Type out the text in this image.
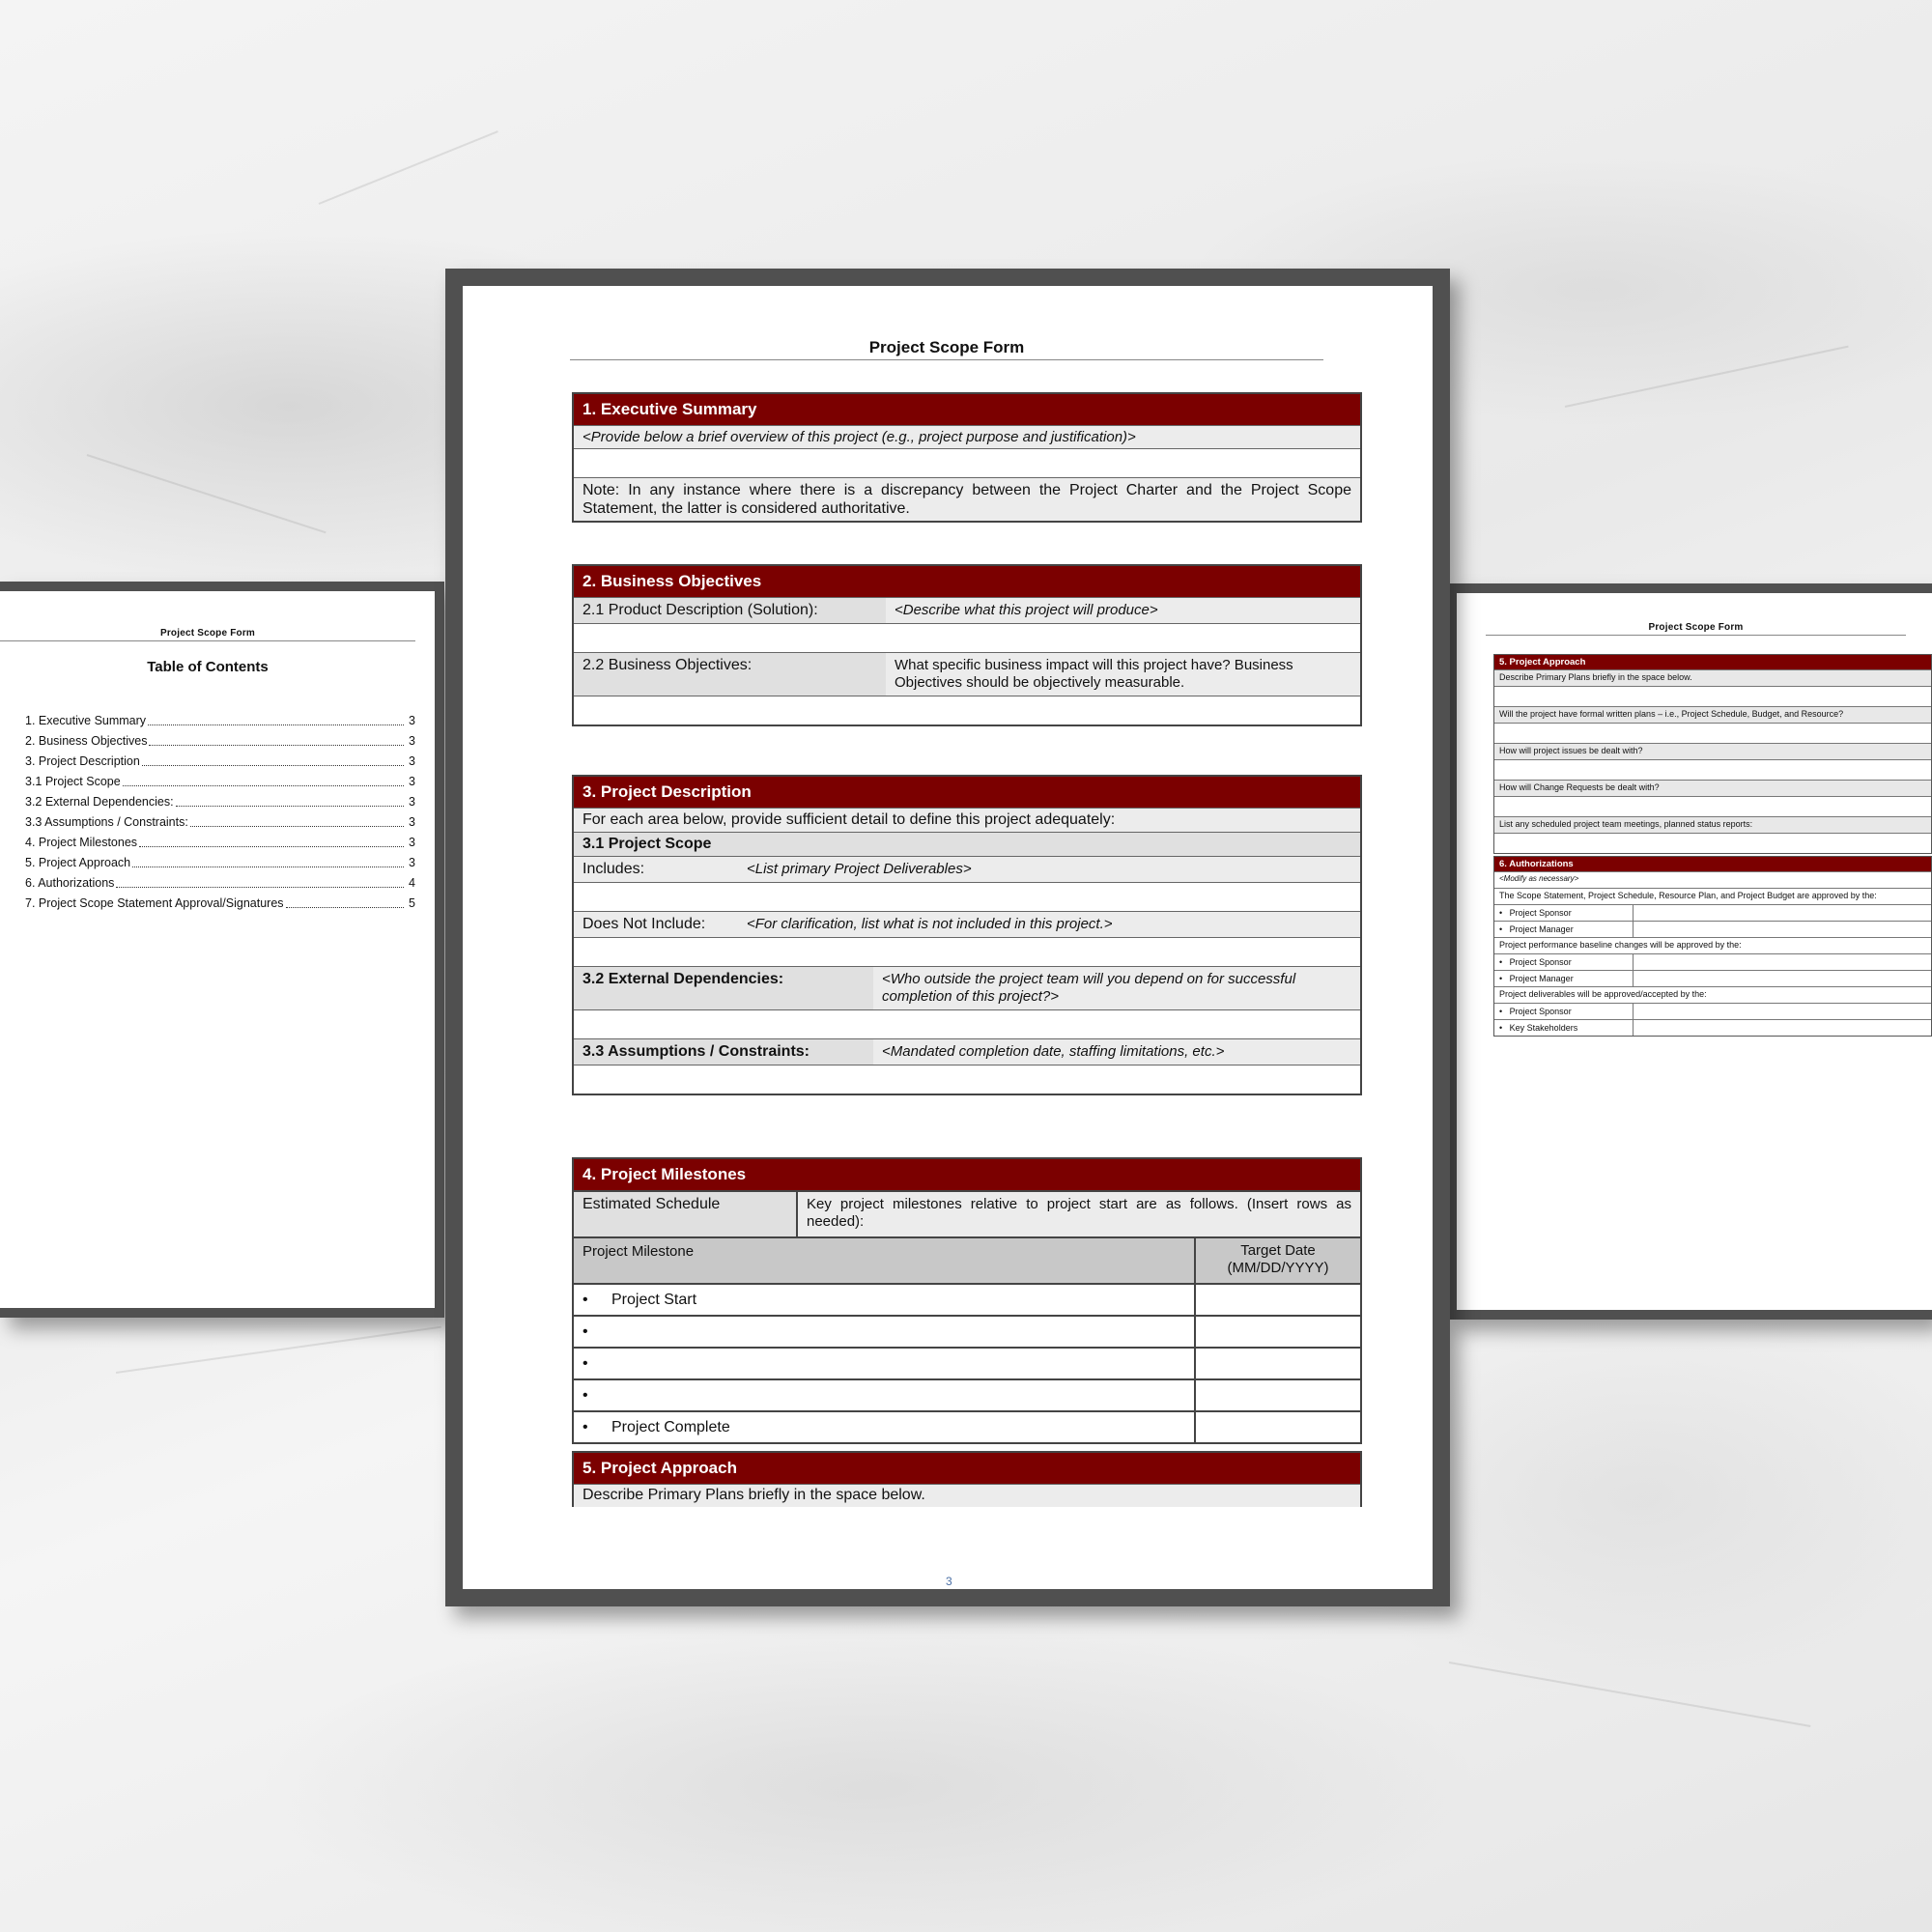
Project Scope Form
Table of Contents
1. Executive Summary	3
2. Business Objectives	3
3. Project Description	3
3.1 Project Scope	3
3.2 External Dependencies:	3
3.3 Assumptions / Constraints:	3
4. Project Milestones	3
5. Project Approach	3
6. Authorizations	4
7. Project Scope Statement Approval/Signatures	5
Project Scope Form
5. Project Approach
Describe Primary Plans briefly in the space below.
Will the project have formal written plans – i.e., Project Schedule, Budget, and Resource?
How will project issues be dealt with?
How will Change Requests be dealt with?
List any scheduled project team meetings, planned status reports:
6. Authorizations
<Modify as necessary>
The Scope Statement, Project Schedule, Resource Plan, and Project Budget are approved by the:
•   Project Sponsor
•   Project Manager
Project performance baseline changes will be approved by the:
•   Project Sponsor
•   Project Manager
Project deliverables will be approved/accepted by the:
•   Project Sponsor
•   Key Stakeholders
Project Scope Form
1. Executive Summary
<Provide below a brief overview of this project (e.g., project purpose and justification)>
Note: In any instance where there is a discrepancy between the Project Charter and the Project Scope Statement, the latter is considered authoritative.
2. Business Objectives
2.1 Product Description (Solution):	<Describe what this project will produce>
2.2 Business Objectives:	What specific business impact will this project have? Business Objectives should be objectively measurable.
3. Project Description
For each area below, provide sufficient detail to define this project adequately:
3.1 Project Scope
Includes:	<List primary Project Deliverables>
Does Not Include:	<For clarification, list what is not included in this project.>
3.2 External Dependencies:	<Who outside the project team will you depend on for successful completion of this project?>
3.3 Assumptions / Constraints:	<Mandated completion date, staffing limitations, etc.>
4. Project Milestones
Estimated Schedule	Key project milestones relative to project start are as follows. (Insert rows as needed):
Project Milestone	Target Date (MM/DD/YYYY)
•	Project Start
•
•
•
•	Project Complete
5. Project Approach
Describe Primary Plans briefly in the space below.
3
